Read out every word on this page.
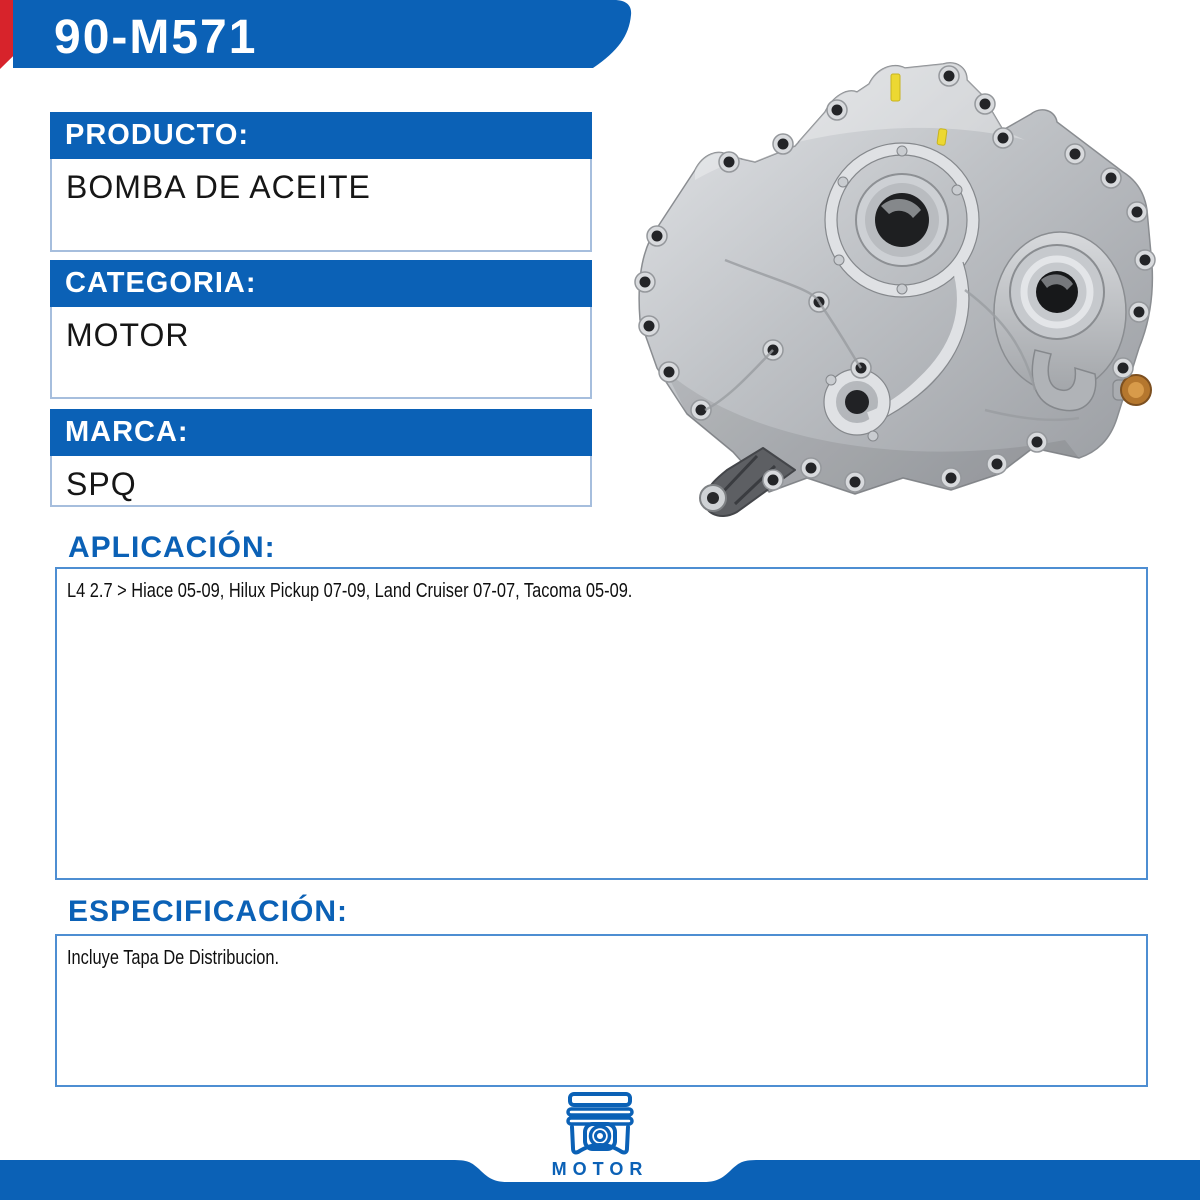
90-M571
PRODUCTO:
BOMBA DE ACEITE
CATEGORIA:
MOTOR
MARCA:
SPQ
APLICACIÓN:
L4 2.7 > Hiace 05-09, Hilux Pickup 07-09, Land Cruiser 07-07, Tacoma 05-09.
ESPECIFICACIÓN:
Incluye Tapa De Distribucion.
MOTOR
